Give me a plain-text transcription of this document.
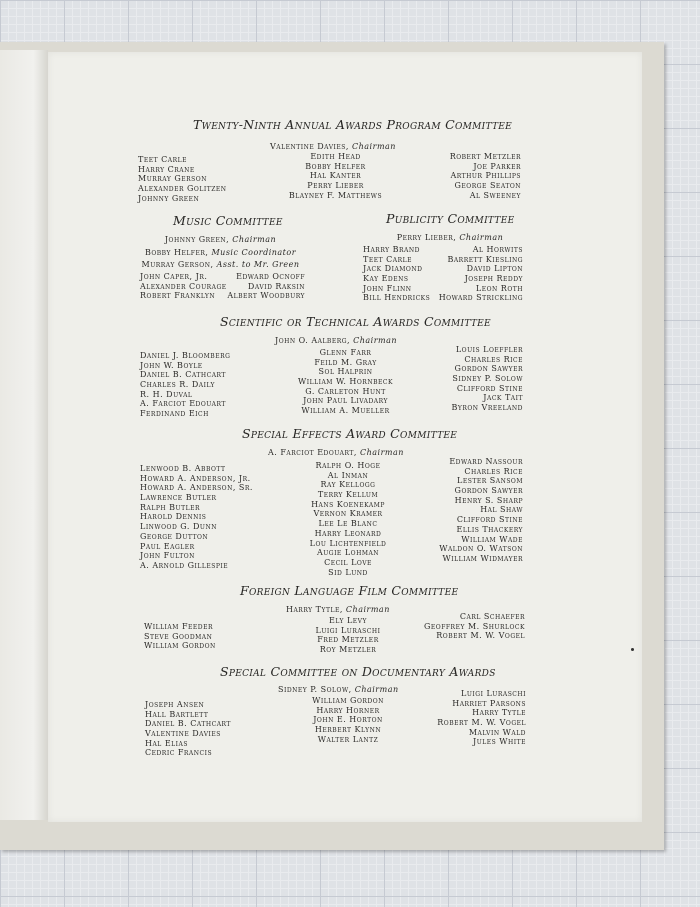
Twenty-Ninth Annual Awards Program Committee
Valentine Davies, Chairman
Teet Carle
Harry Crane
Murray Gerson
Alexander Golitzen
Johnny Green
Edith Head
Bobby Helfer
Hal Kanter
Perry Lieber
Blayney F. Matthews
Robert Metzler
Joe Parker
Arthur Phillips
George Seaton
Al Sweeney
Music Committee
Johnny Green, Chairman
Bobby Helfer, Music Coordinator
Murray Gerson, Asst. to Mr. Green
John Caper, Jr.
Alexander Courage
Robert Franklyn
Edward Ocnoff
David Raksin
Albert Woodbury
Publicity Committee
Perry Lieber, Chairman
Harry Brand
Teet Carle
Jack Diamond
Kay Edens
John Flinn
Bill Hendricks
Al Horwits
Barrett Kiesling
David Lipton
Joseph Reddy
Leon Roth
Howard Strickling
Scientific or Technical Awards Committee
John O. Aalberg, Chairman
Daniel J. Bloomberg
John W. Boyle
Daniel B. Cathcart
Charles R. Daily
R. H. Duval
A. Farciot Edouart
Ferdinand Eich
Glenn Farr
Feild M. Gray
Sol Halprin
William W. Hornbeck
G. Carleton Hunt
John Paul Livadary
William A. Mueller
Louis Loeffler
Charles Rice
Gordon Sawyer
Sidney P. Solow
Clifford Stine
Jack Tait
Byron Vreeland
Special Effects Award Committee
A. Farciot Edouart, Chairman
Lenwood B. Abbott
Howard A. Anderson, Jr.
Howard A. Anderson, Sr.
Lawrence Butler
Ralph Butler
Harold Dennis
Linwood G. Dunn
George Dutton
Paul Eagler
John Fulton
A. Arnold Gillespie
Ralph O. Hoge
Al Inman
Ray Kellogg
Terry Kellum
Hans Koenekamp
Vernon Kramer
Lee Le Blanc
Harry Leonard
Lou Lichtenfield
Augie Lohman
Cecil Love
Sid Lund
Edward Nassour
Charles Rice
Lester Sansom
Gordon Sawyer
Henry S. Sharp
Hal Shaw
Clifford Stine
Ellis Thackery
William Wade
Waldon O. Watson
William Widmayer
Foreign Language Film Committee
Harry Tytle, Chairman
William Feeder
Steve Goodman
William Gordon
Ely Levy
Luigi Luraschi
Fred Metzler
Roy Metzler
Carl Schaefer
Geoffrey M. Shurlock
Robert M. W. Vogel
Special Committee on Documentary Awards
Sidney P. Solow, Chairman
Joseph Ansen
Hall Bartlett
Daniel B. Cathcart
Valentine Davies
Hal Elias
Cedric Francis
William Gordon
Harry Horner
John E. Horton
Herbert Klynn
Walter Lantz
Luigi Luraschi
Harriet Parsons
Harry Tytle
Robert M. W. Vogel
Malvin Wald
Jules White
